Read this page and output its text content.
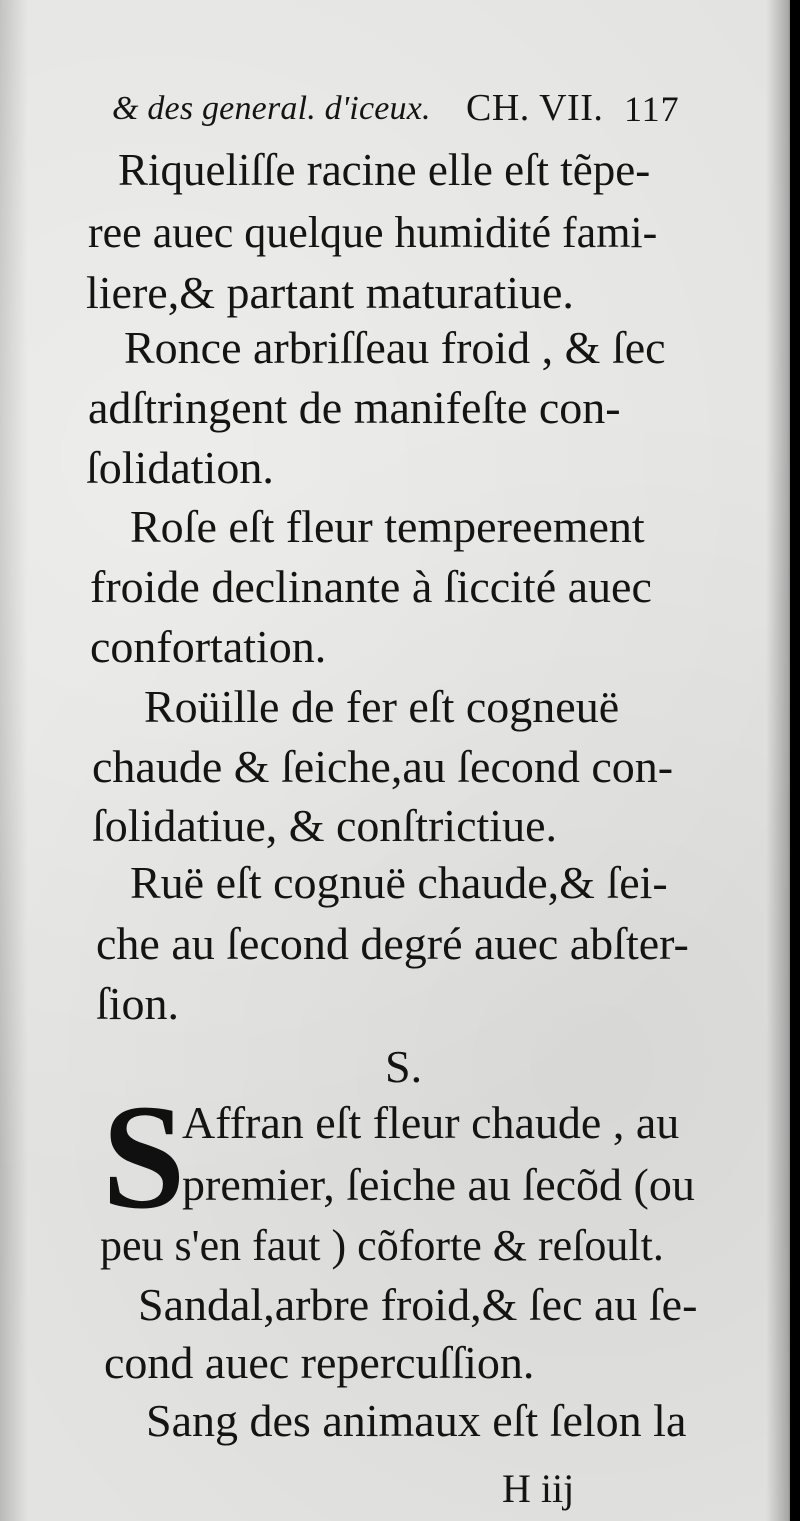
& des general. d'iceux. CH. VII. 117
Riqueliſſe racine elle eſt tẽpe-
ree auec quelque humidité fami-
liere,& partant maturatiue.
Ronce arbriſſeau froid , & ſec
adſtringent de manifeſte con-
ſolidation.
Roſe eſt fleur tempereement
froide declinante à ſiccité auec
confortation.
Roüille de fer eſt cogneuë
chaude & ſeiche,au ſecond con-
ſolidatiue, & conſtrictiue.
Ruë eſt cognuë chaude,& ſei-
che au ſecond degré auec abſter-
ſion.
S.
S
Affran eſt fleur chaude , au
premier, ſeiche au ſecõd (ou
peu s'en faut ) cõforte & reſoult.
Sandal,arbre froid,& ſec au ſe-
cond auec repercuſſion.
Sang des animaux eſt ſelon la
H iij
